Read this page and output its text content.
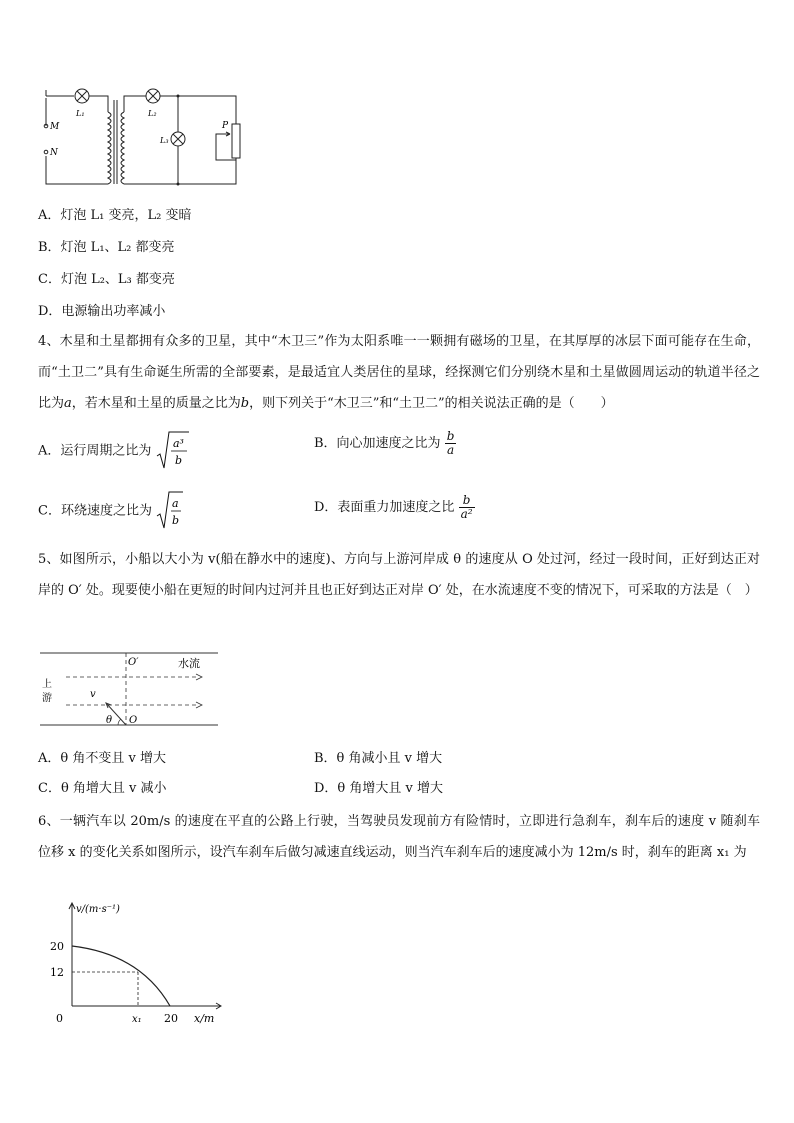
M
N
L₁	L₂
L₃
P
A．灯泡 L₁ 变亮，L₂ 变暗
B．灯泡 L₁、L₂ 都变亮
C．灯泡 L₂、L₃ 都变亮
D．电源输出功率减小
4、木星和土星都拥有众多的卫星，其中“木卫三”作为太阳系唯一一颗拥有磁场的卫星，在其厚厚的冰层下面可能存在生命，而“土卫二”具有生命诞生所需的全部要素，是最适宜人类居住的星球，经探测它们分别绕木星和土星做圆周运动的轨道半径之比为𝑎，若木星和土星的质量之比为𝑏，则下列关于“木卫三”和“土卫二”的相关说法正确的是（　　）
A．运行周期之比为 a³
b
B．向心加速度之比为 $\frac{b}{a}$
C．环绕速度之比为 a
b
D．表面重力加速度之比 $\frac{b}{\text{a²}}$
5、如图所示，小船以大小为 v(船在静水中的速度)、方向与上游河岸成 θ 的速度从 O 处过河，经过一段时间，正好到达正对岸的 O′ 处。现要使小船在更短的时间内过河并且也正好到达正对岸 O′ 处，在水流速度不变的情况下，可采取的方法是（　）
O′	水流
上
游	v
θ O
A．θ 角不变且 v 增大	B．θ 角减小且 v 增大
C．θ 角增大且 v 减小	D．θ 角增大且 v 增大
6、一辆汽车以 20m/s 的速度在平直的公路上行驶，当驾驶员发现前方有险情时，立即进行急刹车，刹车后的速度 v 随刹车位移 x 的变化关系如图所示，设汽车刹车后做匀减速直线运动，则当汽车刹车后的速度减小为 12m/s 时，刹车的距离 x₁ 为
v/(m·s⁻¹)
20
12
0	x₁ 20 x/m
